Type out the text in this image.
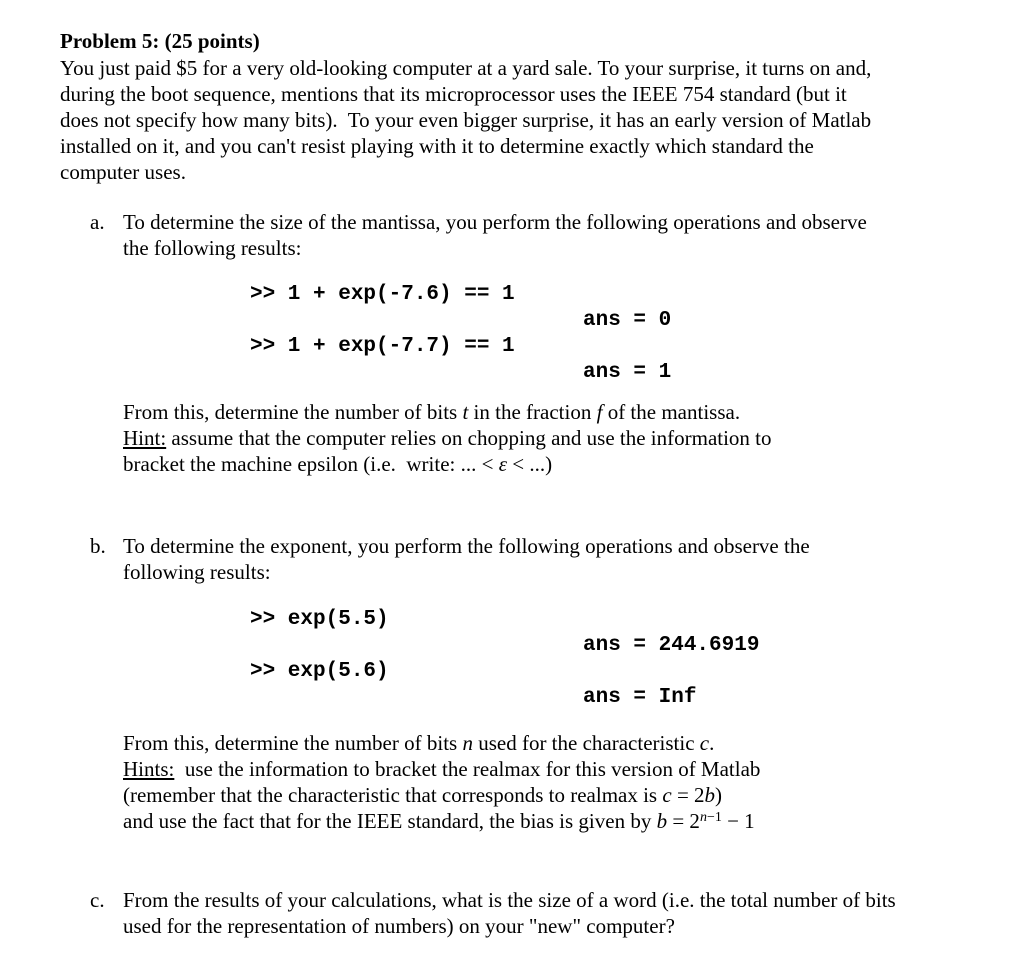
Problem 5: (25 points)
You just paid $5 for a very old-looking computer at a yard sale. To your surprise, it turns on and,
during the boot sequence, mentions that its microprocessor uses the IEEE 754 standard (but it
does not specify how many bits).  To your even bigger surprise, it has an early version of Matlab
installed on it, and you can't resist playing with it to determine exactly which standard the
computer uses.
a. To determine the size of the mantissa, you perform the following operations and observe
the following results:
>> 1 + exp(-7.6) == 1
ans = 0
>> 1 + exp(-7.7) == 1
ans = 1
From this, determine the number of bits t in the fraction f of the mantissa.
Hint: assume that the computer relies on chopping and use the information to
bracket the machine epsilon (i.e.  write: ... < ε < ...)
b. To determine the exponent, you perform the following operations and observe the
following results:
>> exp(5.5)
ans = 244.6919
>> exp(5.6)
ans = Inf
From this, determine the number of bits n used for the characteristic c.
Hints:  use the information to bracket the realmax for this version of Matlab
(remember that the characteristic that corresponds to realmax is c = 2b)
and use the fact that for the IEEE standard, the bias is given by $b = 2^{n-1} - 1$
c. From the results of your calculations, what is the size of a word (i.e. the total number of bits
used for the representation of numbers) on your "new" computer?
